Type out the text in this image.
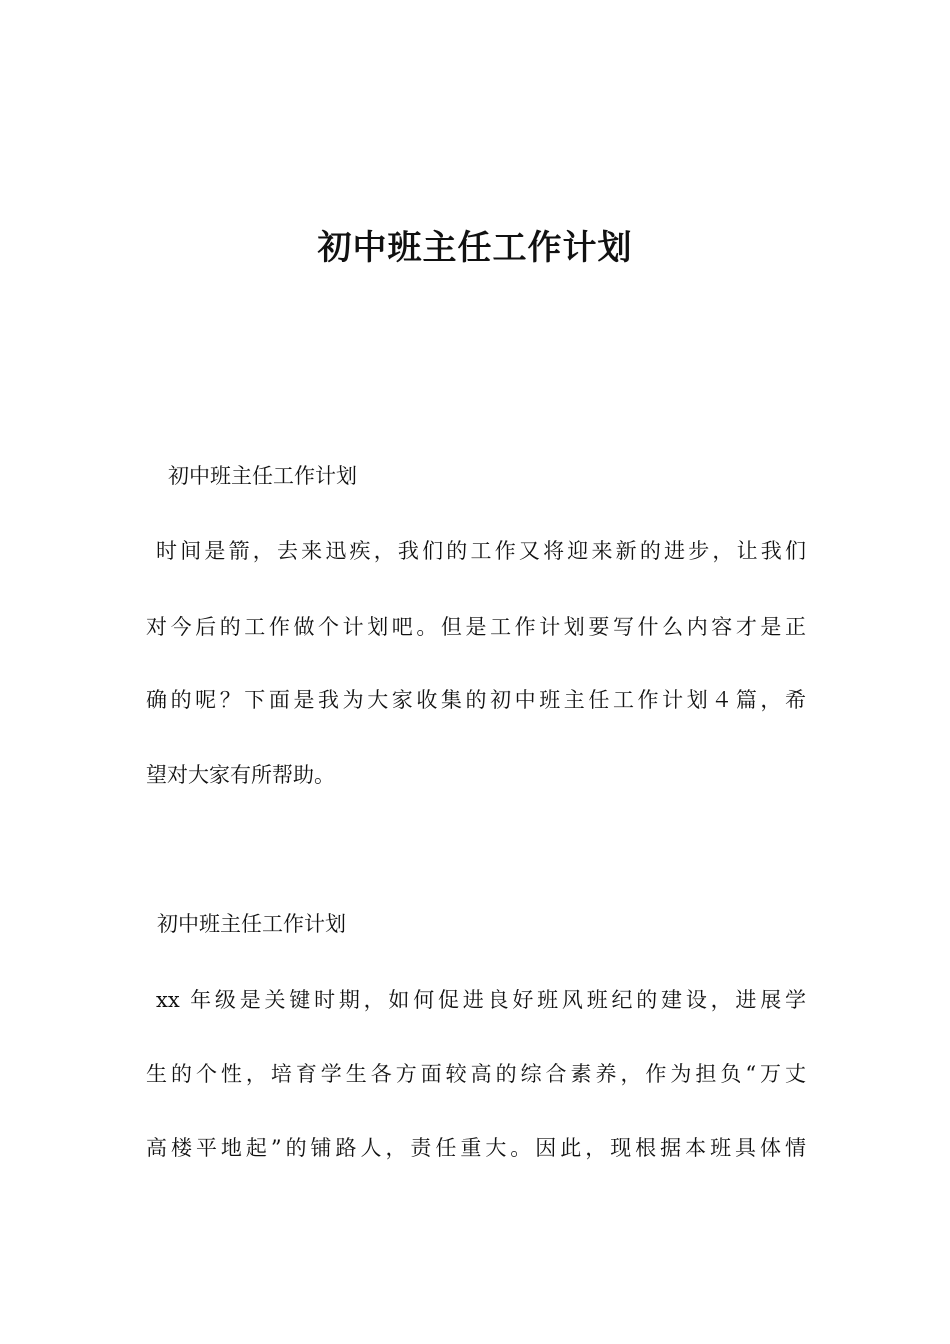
初中班主任工作计划

初中班主任工作计划

时间是箭，去来迅疾，我们的工作又将迎来新的进步，让我们

对今后的工作做个计划吧。但是工作计划要写什么内容才是正

确的呢？下面是我为大家收集的初中班主任工作计划４篇，希

望对大家有所帮助。

初中班主任工作计划

xx 年级是关键时期，如何促进良好班风班纪的建设，进展学

生的个性，培育学生各方面较高的综合素养，作为担负“万丈

高楼平地起”的铺路人，责任重大。因此，现根据本班具体情
